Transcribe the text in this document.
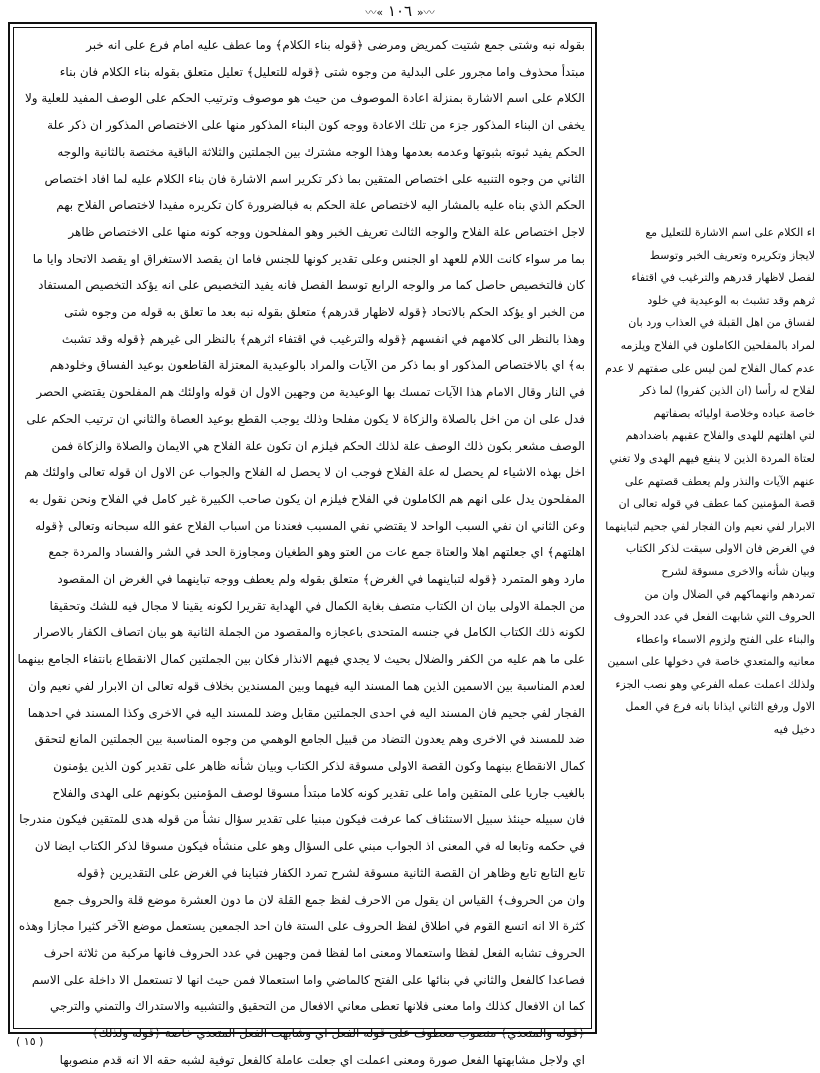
〰« ١٠٦ »〰
بقوله نبه وشتى جمع شتيت كمريض ومرضى ﴿قوله بناء الكلام﴾ وما عطف عليه امام فرع على انه خبر
مبتدأ محذوف واما مجرور على البدلية من وجوه شتى ﴿قوله للتعليل﴾ تعليل متعلق بقوله بناء الكلام فان بناء
الكلام على اسم الاشارة بمنزلة اعادة الموصوف من حيث هو موصوف وترتيب الحكم على الوصف المفيد للعلية ولا
يخفى ان البناء المذكور جزء من تلك الاعادة ووجه كون البناء المذكور منها على الاختصاص المذكور ان ذكر علة
الحكم يفيد ثبوته بثبوتها وعدمه بعدمها وهذا الوجه مشترك بين الجملتين والثلاثة الباقية مختصة بالثانية والوجه
الثاني من وجوه التنبيه على اختصاص المتقين بما ذكر تكرير اسم الاشارة فان بناء الكلام عليه لما افاد اختصاص
الحكم الذي بناه عليه بالمشار اليه لاختصاص علة الحكم به فبالضرورة كان تكريره مفيدا لاختصاص الفلاح بهم
لاجل اختصاص علة الفلاح والوجه الثالث تعريف الخبر وهو المفلحون ووجه كونه منها على الاختصاص ظاهر
بما مر سواء كانت اللام للعهد او الجنس وعلى تقدير كونها للجنس فاما ان يقصد الاستغراق او يقصد الاتحاد وايا ما
كان فالتخصيص حاصل كما مر والوجه الرابع توسط الفصل فانه يفيد التخصيص على انه يؤكد التخصيص المستفاد
من الخبر او يؤكد الحكم بالاتحاد ﴿قوله لاظهار قدرهم﴾ متعلق بقوله نبه بعد ما تعلق به قوله من وجوه شتى
وهذا بالنظر الى كلامهم في انفسهم ﴿قوله والترغيب في اقتفاء اثرهم﴾ بالنظر الى غيرهم ﴿قوله وقد تشبث
به﴾ اي بالاختصاص المذكور او بما ذكر من الآيات والمراد بالوعيدية المعتزلة القاطعون بوعيد الفساق وخلودهم
في النار وقال الامام هذا الآيات تمسك بها الوعيدية من وجهين الاول ان قوله واولئك هم المفلحون يقتضي الحصر
فدل على ان من اخل بالصلاة والزكاة لا يكون مفلحا وذلك يوجب القطع بوعيد العصاة والثاني ان ترتيب الحكم على
الوصف مشعر بكون ذلك الوصف علة لذلك الحكم فيلزم ان تكون علة الفلاح هي الايمان والصلاة والزكاة فمن
اخل بهذه الاشياء لم يحصل له علة الفلاح فوجب ان لا يحصل له الفلاح والجواب عن الاول ان قوله تعالى واولئك هم
المفلحون يدل على انهم هم الكاملون في الفلاح فيلزم ان يكون صاحب الكبيرة غير كامل في الفلاح ونحن نقول به
وعن الثاني ان نفي السبب الواحد لا يقتضي نفي المسبب فعندنا من اسباب الفلاح عفو الله سبحانه وتعالى ﴿قوله
اهلتهم﴾ اي جعلتهم اهلا والعتاة جمع عات من العتو وهو الطغيان ومجاوزة الحد في الشر والفساد والمردة جمع
مارد وهو المتمرد ﴿قوله لتباينهما في الغرض﴾ متعلق بقوله ولم يعطف ووجه تباينهما في الغرض ان المقصود
من الجملة الاولى بيان ان الكتاب متصف بغاية الكمال في الهداية تقريرا لكونه يقينا لا مجال فيه للشك وتحقيقا
لكونه ذلك الكتاب الكامل في جنسه المتحدى باعجازه والمقصود من الجملة الثانية هو بيان اتصاف الكفار بالاصرار
على ما هم عليه من الكفر والضلال بحيث لا يجدي فيهم الانذار فكان بين الجملتين كمال الانقطاع بانتفاء الجامع بينهما
لعدم المناسبة بين الاسمين الذين هما المسند اليه فيهما وبين المسندين بخلاف قوله تعالى ان الابرار لفي نعيم وان
الفجار لفي جحيم فان المسند اليه في احدى الجملتين مقابل وضد للمسند اليه في الاخرى وكذا المسند في احدهما
ضد للمسند في الاخرى وهم يعدون التضاد من قبيل الجامع الوهمي من وجوه المناسبة بين الجملتين المانع لتحقق
كمال الانقطاع بينهما وكون القصة الاولى مسوقة لذكر الكتاب وبيان شأنه ظاهر على تقدير كون الذين يؤمنون
بالغيب جاريا على المتقين واما على تقدير كونه كلاما مبتدأ مسوقا لوصف المؤمنين بكونهم على الهدى والفلاح
فان سبيله حينئذ سبيل الاستئناف كما عرفت فيكون مبنيا على تقدير سؤال نشأ من قوله هدى للمتقين فيكون مندرجا
في حكمه وتابعا له في المعنى اذ الجواب مبني على السؤال وهو على منشأه فيكون مسوقا لذكر الكتاب ايضا لان
تابع التابع تابع وظاهر ان القصة الثانية مسوقة لشرح تمرد الكفار فتباينا في الغرض على التقديرين ﴿قوله
وان من الحروف﴾ القياس ان يقول من الاحرف لفظ جمع القلة لان ما دون العشرة موضع قلة والحروف جمع
كثرة الا انه اتسع القوم في اطلاق لفظ الحروف على الستة فان احد الجمعين يستعمل موضع الآخر كثيرا مجازا وهذه
الحروف تشابه الفعل لفظا واستعمالا ومعنى اما لفظا فمن وجهين في عدد الحروف فانها مركبة من ثلاثة احرف
فصاعدا كالفعل والثاني في بنائها على الفتح كالماضي واما استعمالا فمن حيث انها لا تستعمل الا داخلة على الاسم
كما ان الافعال كذلك واما معنى فلانها تعطى معاني الافعال من التحقيق والتشبيه والاستدراك والتمني والترجي
﴿قوله والمتعدي﴾ منصوب معطوف على قوله الفعل اي وشابهت الفعل المتعدي خاصة ﴿قوله ولذلك﴾
اي ولاجل مشابهتها الفعل صورة ومعنى اعملت اي جعلت عاملة كالفعل توفية لشبه حقه الا انه قدم منصوبها
اء الكلام على اسم الاشارة للتعليل مع
لايجاز وتكريره وتعريف الخبر وتوسط
لفصل لاظهار قدرهم والترغيب في اقتفاء
ثرهم وقد تشبث به الوعيدية في خلود
لفساق من اهل القبلة في العذاب ورد بان
لمراد بالمفلحين الكاملون في الفلاح ويلزمه
عدم كمال الفلاح لمن ليس على صفتهم لا عدم
لفلاح له رأسا (ان الذين كفروا) لما ذكر
خاصة عباده وخلاصة اوليائه بصفاتهم
لتي اهلتهم للهدى والفلاح عقبهم باضدادهم
لعتاة المردة الذين لا ينفع فيهم الهدى ولا تغني
عنهم الآيات والنذر ولم يعطف قصتهم على
قصة المؤمنين كما عطف في قوله تعالى ان
الابرار لفي نعيم وان الفجار لفي جحيم لتباينهما
في الغرض فان الاولى سيقت لذكر الكتاب
وبيان شأنه والاخرى مسوقة لشرح
تمردهم وانهماكهم في الضلال وان من
الحروف التي شابهت الفعل في عدد الحروف
والبناء على الفتح ولزوم الاسماء واعطاء
معانيه والمتعدي خاصة في دخولها على اسمين
ولذلك اعملت عمله الفرعي وهو نصب الجزء
الاول ورفع الثاني ايذانا بانه فرع في العمل
دخيل فيه
( ١٥ )
